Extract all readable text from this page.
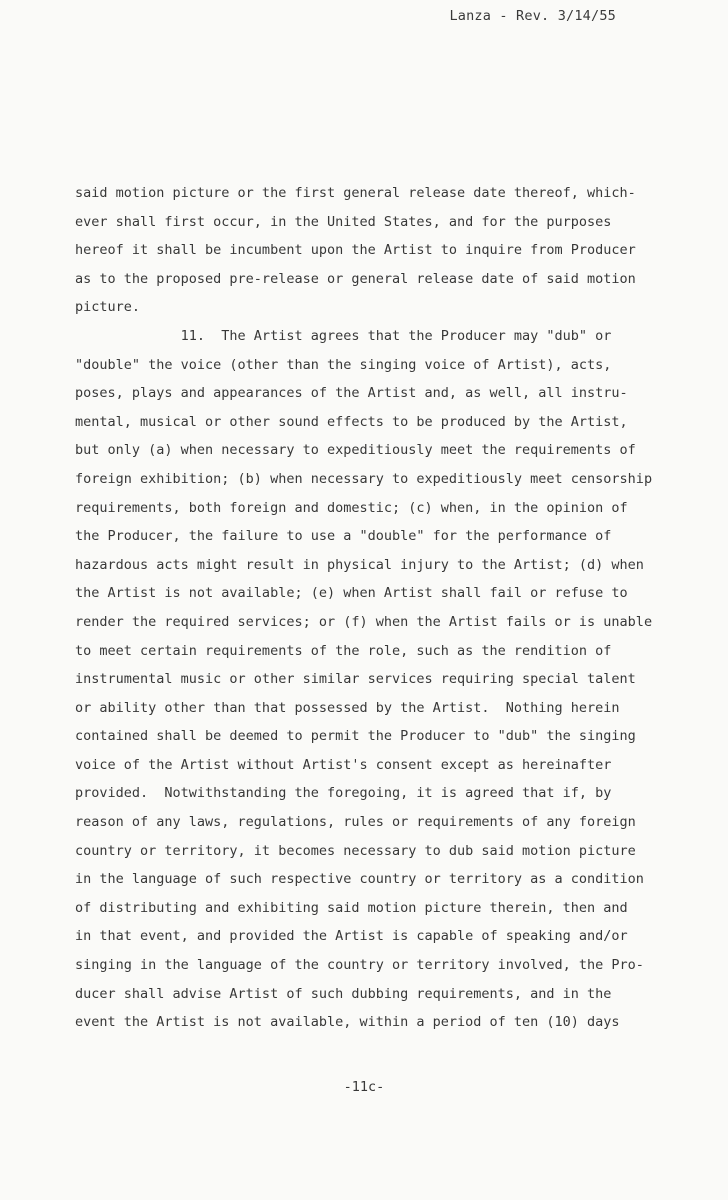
Lanza - Rev. 3/14/55
said motion picture or the first general release date thereof, which-
ever shall first occur, in the United States, and for the purposes
hereof it shall be incumbent upon the Artist to inquire from Producer
as to the proposed pre-release or general release date of said motion
picture.
11.  The Artist agrees that the Producer may "dub" or
"double" the voice (other than the singing voice of Artist), acts,
poses, plays and appearances of the Artist and, as well, all instru-
mental, musical or other sound effects to be produced by the Artist,
but only (a) when necessary to expeditiously meet the requirements of
foreign exhibition; (b) when necessary to expeditiously meet censorship
requirements, both foreign and domestic; (c) when, in the opinion of
the Producer, the failure to use a "double" for the performance of
hazardous acts might result in physical injury to the Artist; (d) when
the Artist is not available; (e) when Artist shall fail or refuse to
render the required services; or (f) when the Artist fails or is unable
to meet certain requirements of the role, such as the rendition of
instrumental music or other similar services requiring special talent
or ability other than that possessed by the Artist.  Nothing herein
contained shall be deemed to permit the Producer to "dub" the singing
voice of the Artist without Artist's consent except as hereinafter
provided.  Notwithstanding the foregoing, it is agreed that if, by
reason of any laws, regulations, rules or requirements of any foreign
country or territory, it becomes necessary to dub said motion picture
in the language of such respective country or territory as a condition
of distributing and exhibiting said motion picture therein, then and
in that event, and provided the Artist is capable of speaking and/or
singing in the language of the country or territory involved, the Pro-
ducer shall advise Artist of such dubbing requirements, and in the
event the Artist is not available, within a period of ten (10) days
-11c-
